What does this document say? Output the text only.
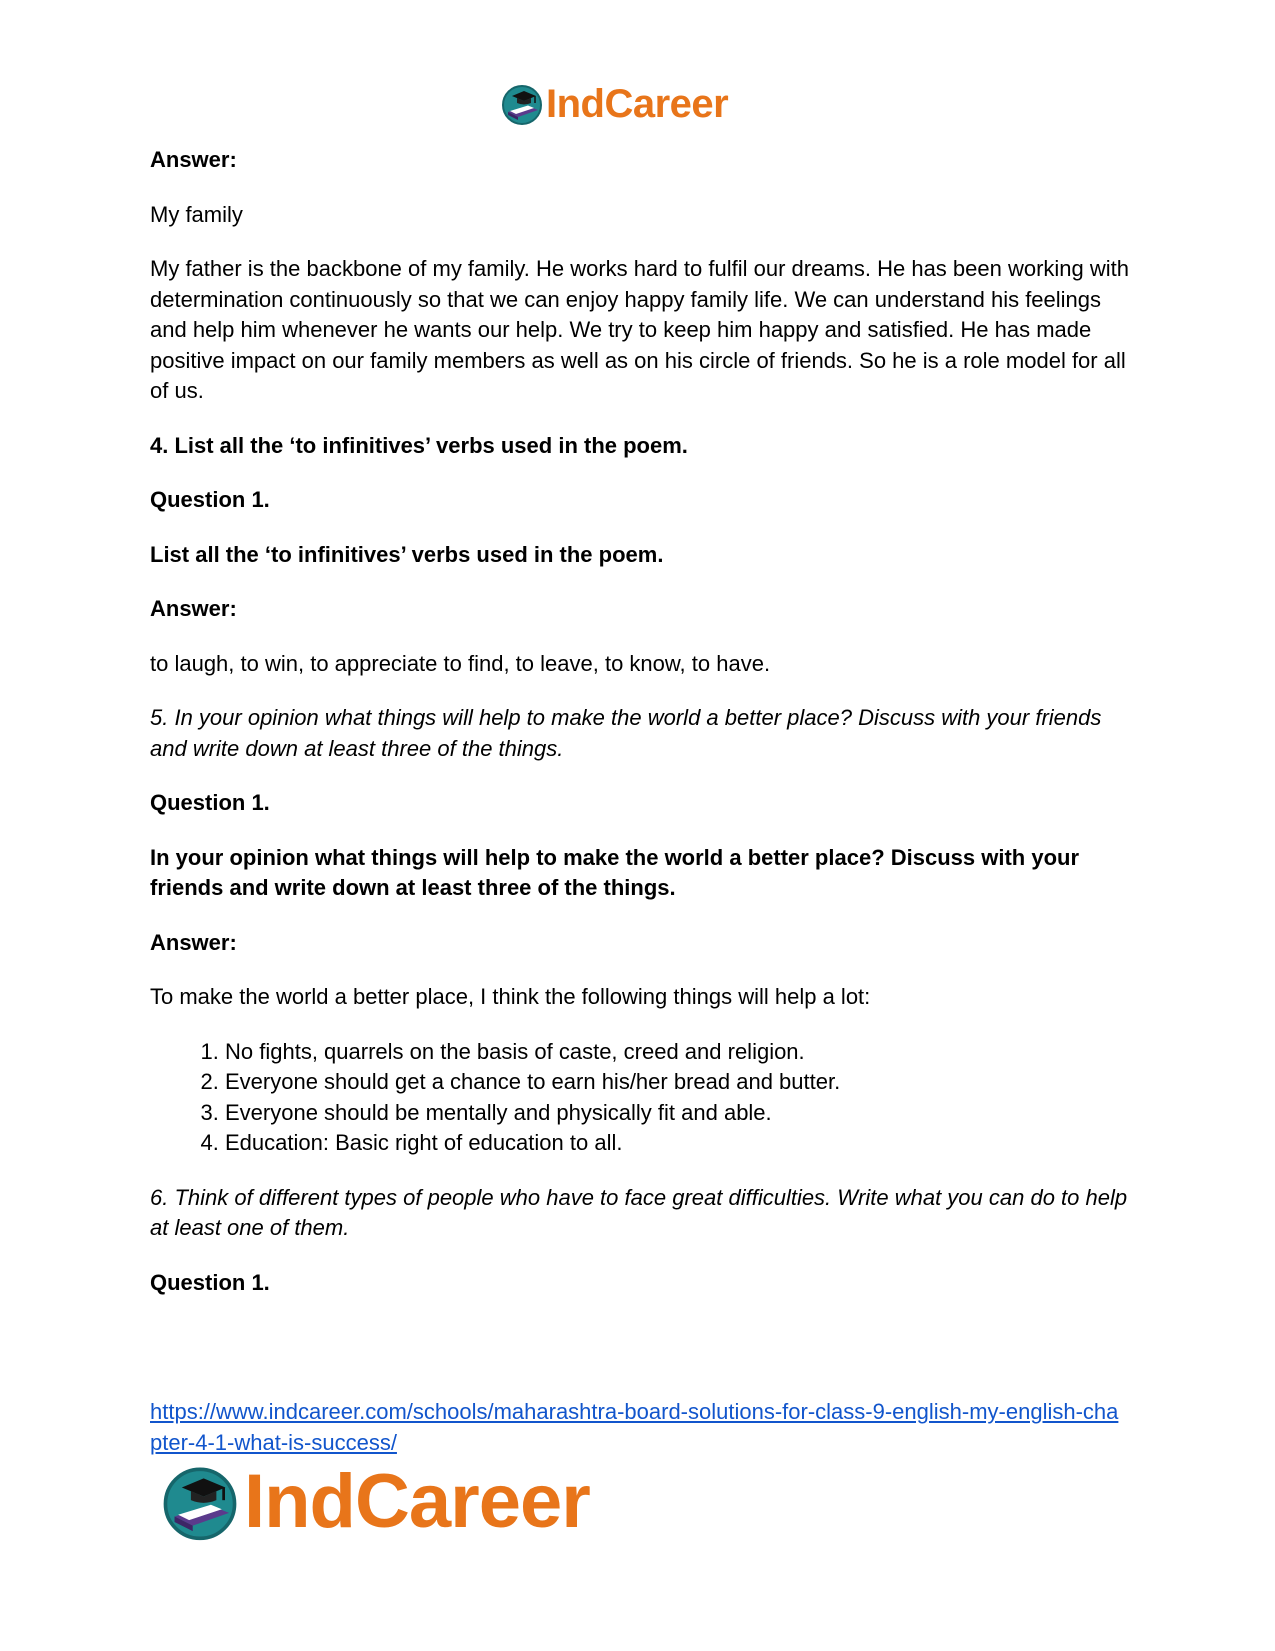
IndCareer

Answer:

My family

My father is the backbone of my family. He works hard to fulfil our dreams. He has been working with determination continuously so that we can enjoy happy family life. We can understand his feelings and help him whenever he wants our help. We try to keep him happy and satisfied. He has made positive impact on our family members as well as on his circle of friends. So he is a role model for all of us.

4. List all the ‘to infinitives’ verbs used in the poem.

Question 1.

List all the ‘to infinitives’ verbs used in the poem.

Answer:

to laugh, to win, to appreciate to find, to leave, to know, to have.

5. In your opinion what things will help to make the world a better place? Discuss with your friends and write down at least three of the things.

Question 1.

In your opinion what things will help to make the world a better place? Discuss with your friends and write down at least three of the things.

Answer:

To make the world a better place, I think the following things will help a lot:

1. No fights, quarrels on the basis of caste, creed and religion.
2. Everyone should get a chance to earn his/her bread and butter.
3. Everyone should be mentally and physically fit and able.
4. Education: Basic right of education to all.

6. Think of different types of people who have to face great difficulties. Write what you can do to help at least one of them.

Question 1.

https://www.indcareer.com/schools/maharashtra-board-solutions-for-class-9-english-my-english-chapter-4-1-what-is-success/
IndCareer
